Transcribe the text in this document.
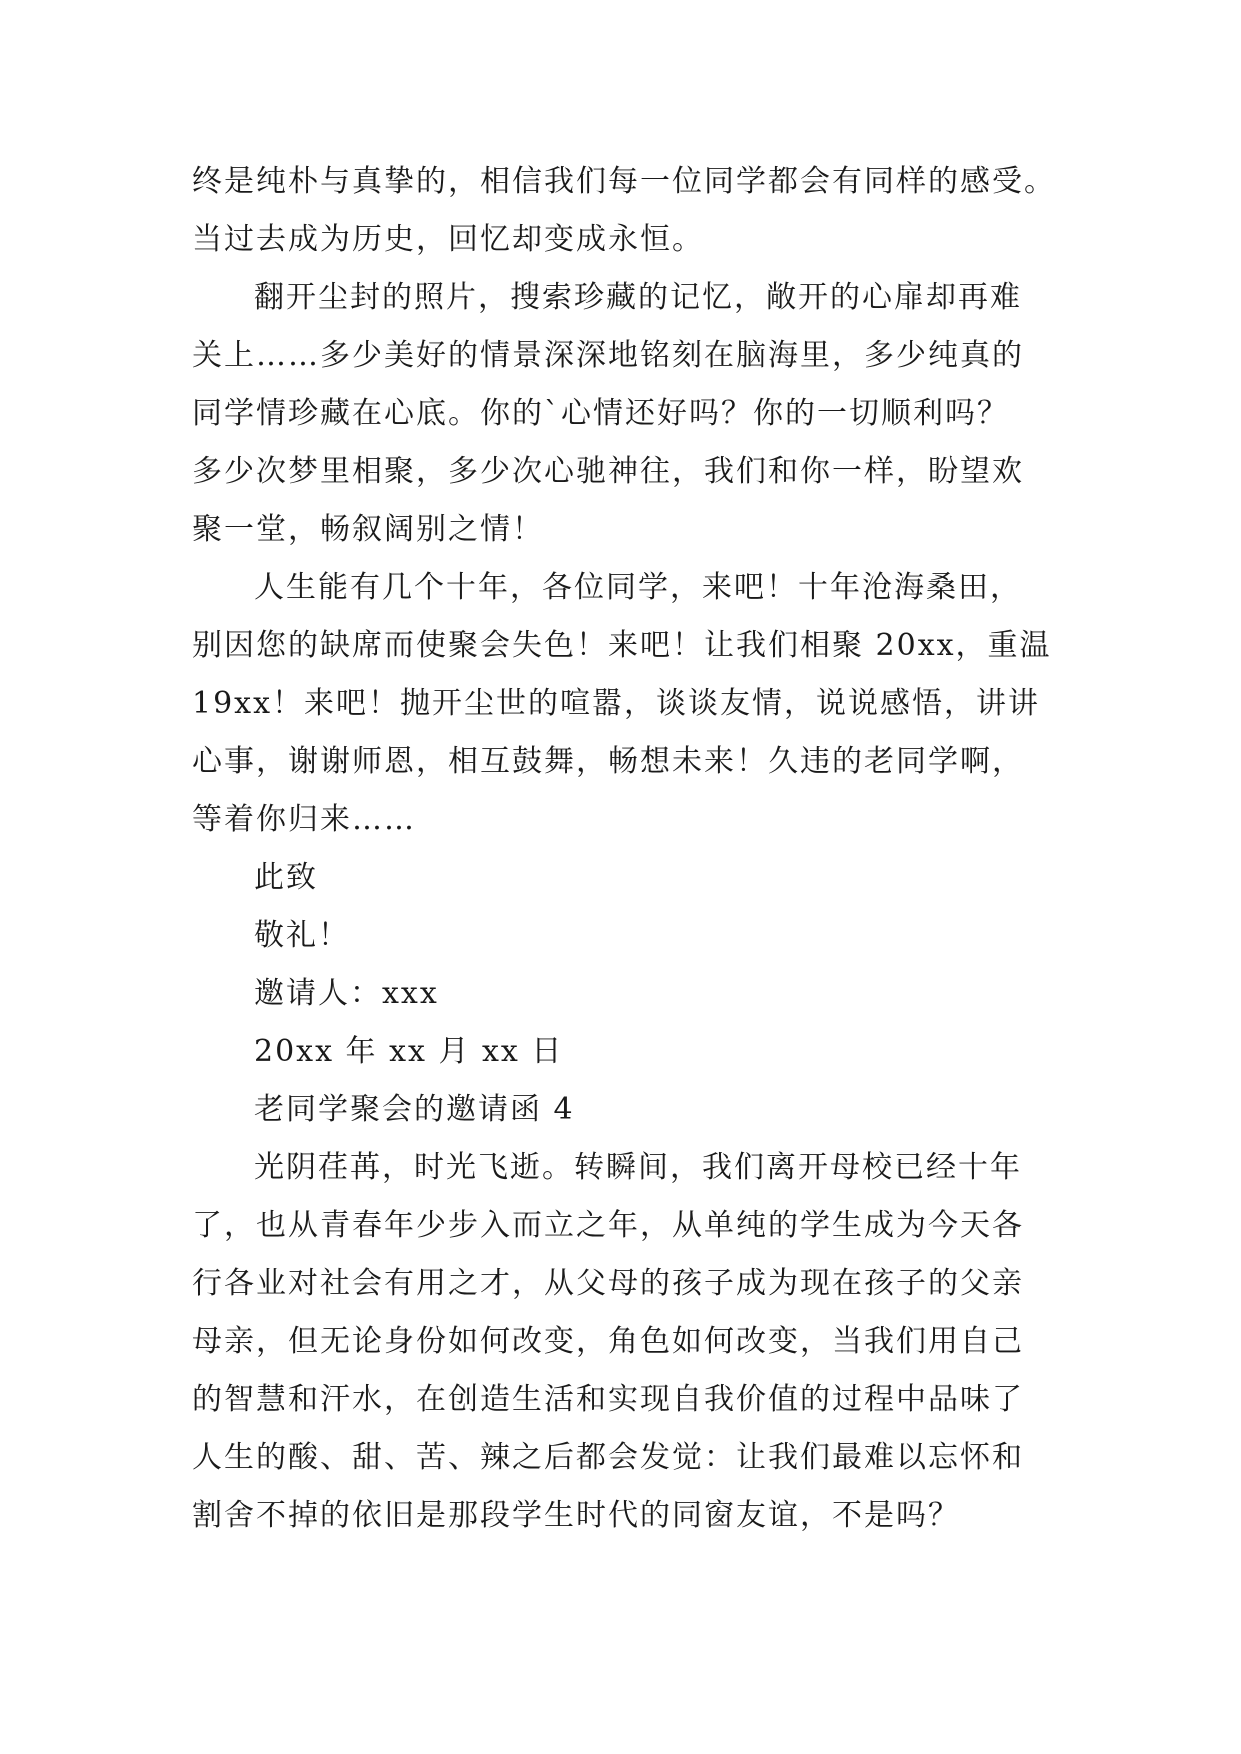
终是纯朴与真挚的，相信我们每一位同学都会有同样的感受。
当过去成为历史，回忆却变成永恒。
翻开尘封的照片，搜索珍藏的记忆，敞开的心扉却再难
关上……多少美好的情景深深地铭刻在脑海里，多少纯真的
同学情珍藏在心底。你的`心情还好吗？你的一切顺利吗？
多少次梦里相聚，多少次心驰神往，我们和你一样，盼望欢
聚一堂，畅叙阔别之情！
人生能有几个十年，各位同学，来吧！十年沧海桑田，
别因您的缺席而使聚会失色！来吧！让我们相聚 20xx，重温
19xx！来吧！抛开尘世的喧嚣，谈谈友情，说说感悟，讲讲
心事，谢谢师恩，相互鼓舞，畅想未来！久违的老同学啊，
等着你归来……
此致
敬礼！
邀请人：xxx
20xx 年 xx 月 xx 日
老同学聚会的邀请函 4
光阴荏苒，时光飞逝。转瞬间，我们离开母校已经十年
了，也从青春年少步入而立之年，从单纯的学生成为今天各
行各业对社会有用之才，从父母的孩子成为现在孩子的父亲
母亲，但无论身份如何改变，角色如何改变，当我们用自己
的智慧和汗水，在创造生活和实现自我价值的过程中品味了
人生的酸、甜、苦、辣之后都会发觉：让我们最难以忘怀和
割舍不掉的依旧是那段学生时代的同窗友谊，不是吗？
